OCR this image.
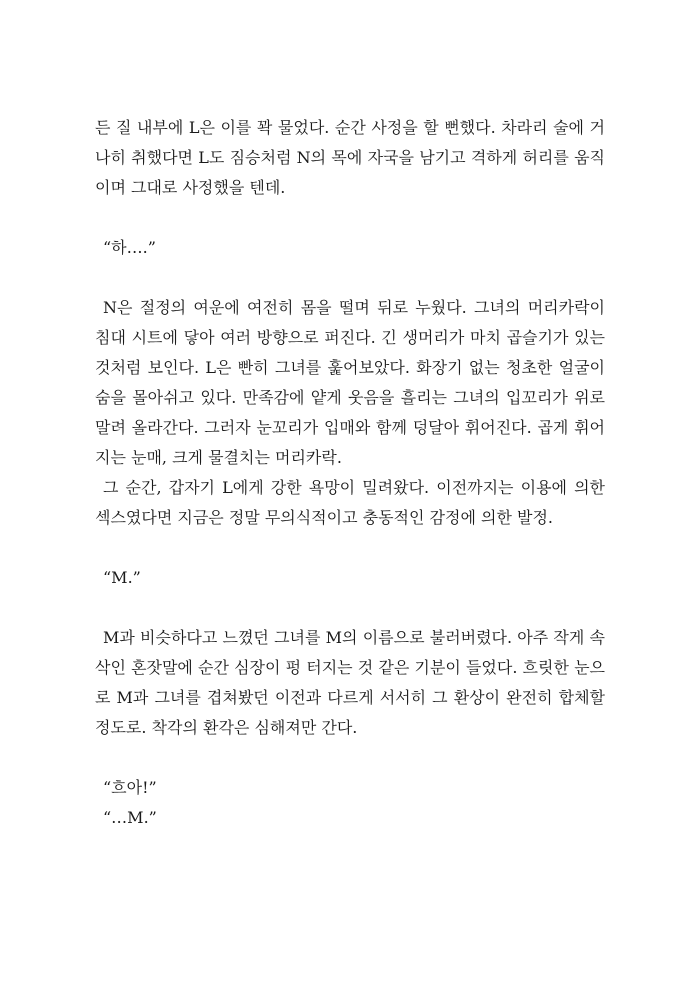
든 질 내부에 L은 이를 꽉 물었다. 순간 사정을 할 뻔했다. 차라리 술에 거나히 취했다면 L도 짐승처럼 N의 목에 자국을 남기고 격하게 허리를 움직이며 그대로 사정했을 텐데.

“하….”

N은 절정의 여운에 여전히 몸을 떨며 뒤로 누웠다. 그녀의 머리카락이 침대 시트에 닿아 여러 방향으로 퍼진다. 긴 생머리가 마치 곱슬기가 있는 것처럼 보인다. L은 빤히 그녀를 훑어보았다. 화장기 없는 청초한 얼굴이 숨을 몰아쉬고 있다. 만족감에 얕게 웃음을 흘리는 그녀의 입꼬리가 위로 말려 올라간다. 그러자 눈꼬리가 입매와 함께 덩달아 휘어진다. 곱게 휘어지는 눈매, 크게 물결치는 머리카락.

그 순간, 갑자기 L에게 강한 욕망이 밀려왔다. 이전까지는 이용에 의한 섹스였다면 지금은 정말 무의식적이고 충동적인 감정에 의한 발정.

“M.”

M과 비슷하다고 느꼈던 그녀를 M의 이름으로 불러버렸다. 아주 작게 속삭인 혼잣말에 순간 심장이 펑 터지는 것 같은 기분이 들었다. 흐릿한 눈으로 M과 그녀를 겹쳐봤던 이전과 다르게 서서히 그 환상이 완전히 합체할 정도로. 착각의 환각은 심해져만 간다.

“흐아!”

“…M.”
